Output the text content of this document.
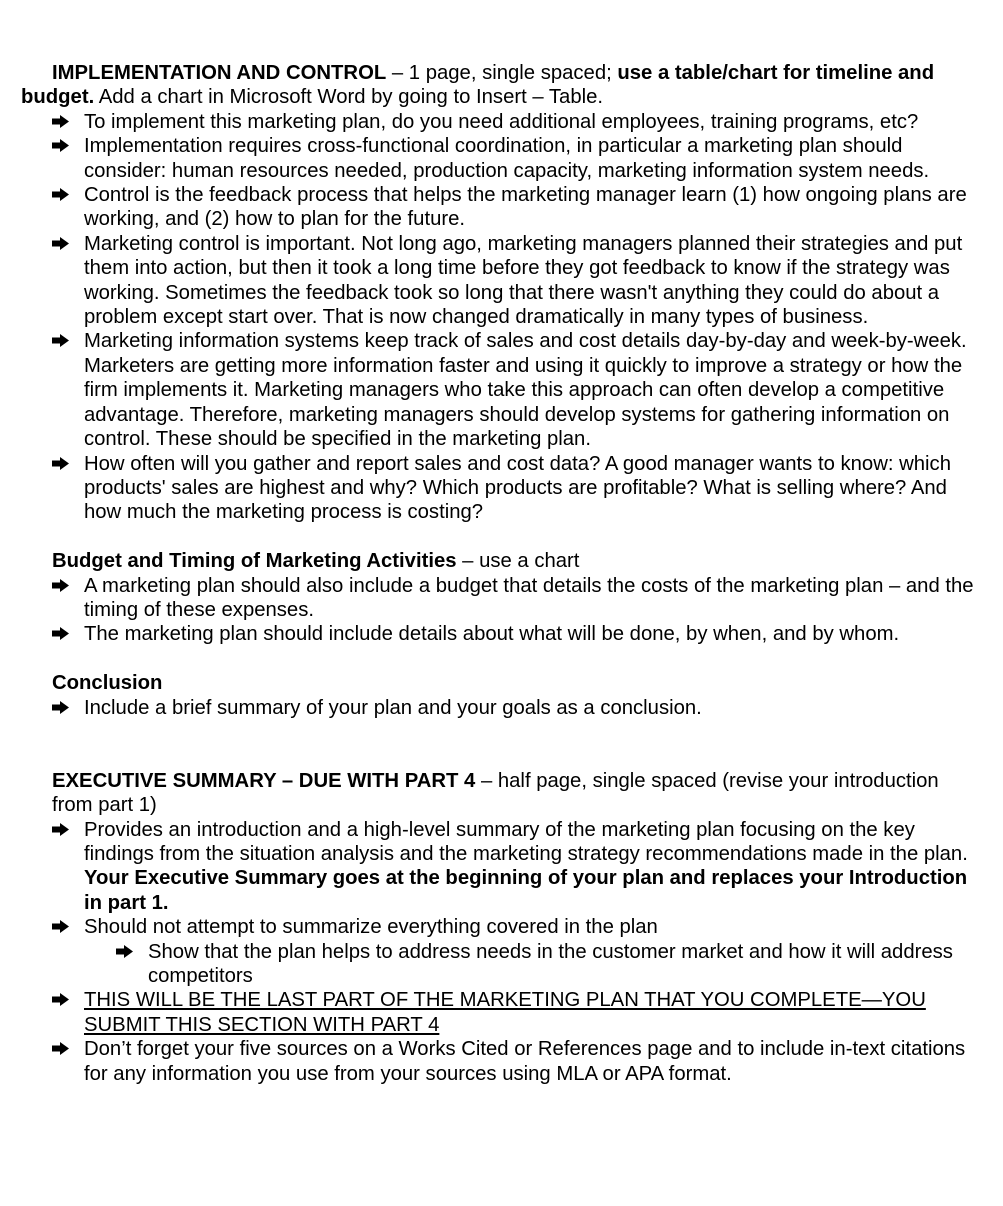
IMPLEMENTATION AND CONTROL – 1 page, single spaced; use a table/chart for timeline and budget. Add a chart in Microsoft Word by going to Insert – Table.

To implement this marketing plan, do you need additional employees, training programs, etc?
Implementation requires cross-functional coordination, in particular a marketing plan should consider: human resources needed, production capacity, marketing information system needs.
Control is the feedback process that helps the marketing manager learn (1) how ongoing plans are working, and (2) how to plan for the future.
Marketing control is important. Not long ago, marketing managers planned their strategies and put them into action, but then it took a long time before they got feedback to know if the strategy was working. Sometimes the feedback took so long that there wasn't anything they could do about a problem except start over. That is now changed dramatically in many types of business.
Marketing information systems keep track of sales and cost details day-by-day and week-by-week. Marketers are getting more information faster and using it quickly to improve a strategy or how the firm implements it. Marketing managers who take this approach can often develop a competitive advantage. Therefore, marketing managers should develop systems for gathering information on control. These should be specified in the marketing plan.
How often will you gather and report sales and cost data? A good manager wants to know: which products' sales are highest and why? Which products are profitable? What is selling where? And how much the marketing process is costing?

Budget and Timing of Marketing Activities – use a chart

A marketing plan should also include a budget that details the costs of the marketing plan – and the timing of these expenses.
The marketing plan should include details about what will be done, by when, and by whom.

Conclusion

Include a brief summary of your plan and your goals as a conclusion.

EXECUTIVE SUMMARY – DUE WITH PART 4 – half page, single spaced (revise your introduction from part 1)

Provides an introduction and a high-level summary of the marketing plan focusing on the key findings from the situation analysis and the marketing strategy recommendations made in the plan. Your Executive Summary goes at the beginning of your plan and replaces your Introduction in part 1.
Should not attempt to summarize everything covered in the plan
Show that the plan helps to address needs in the customer market and how it will address competitors
THIS WILL BE THE LAST PART OF THE MARKETING PLAN THAT YOU COMPLETE—YOU SUBMIT THIS SECTION WITH PART 4
Don’t forget your five sources on a Works Cited or References page and to include in-text citations for any information you use from your sources using MLA or APA format.
